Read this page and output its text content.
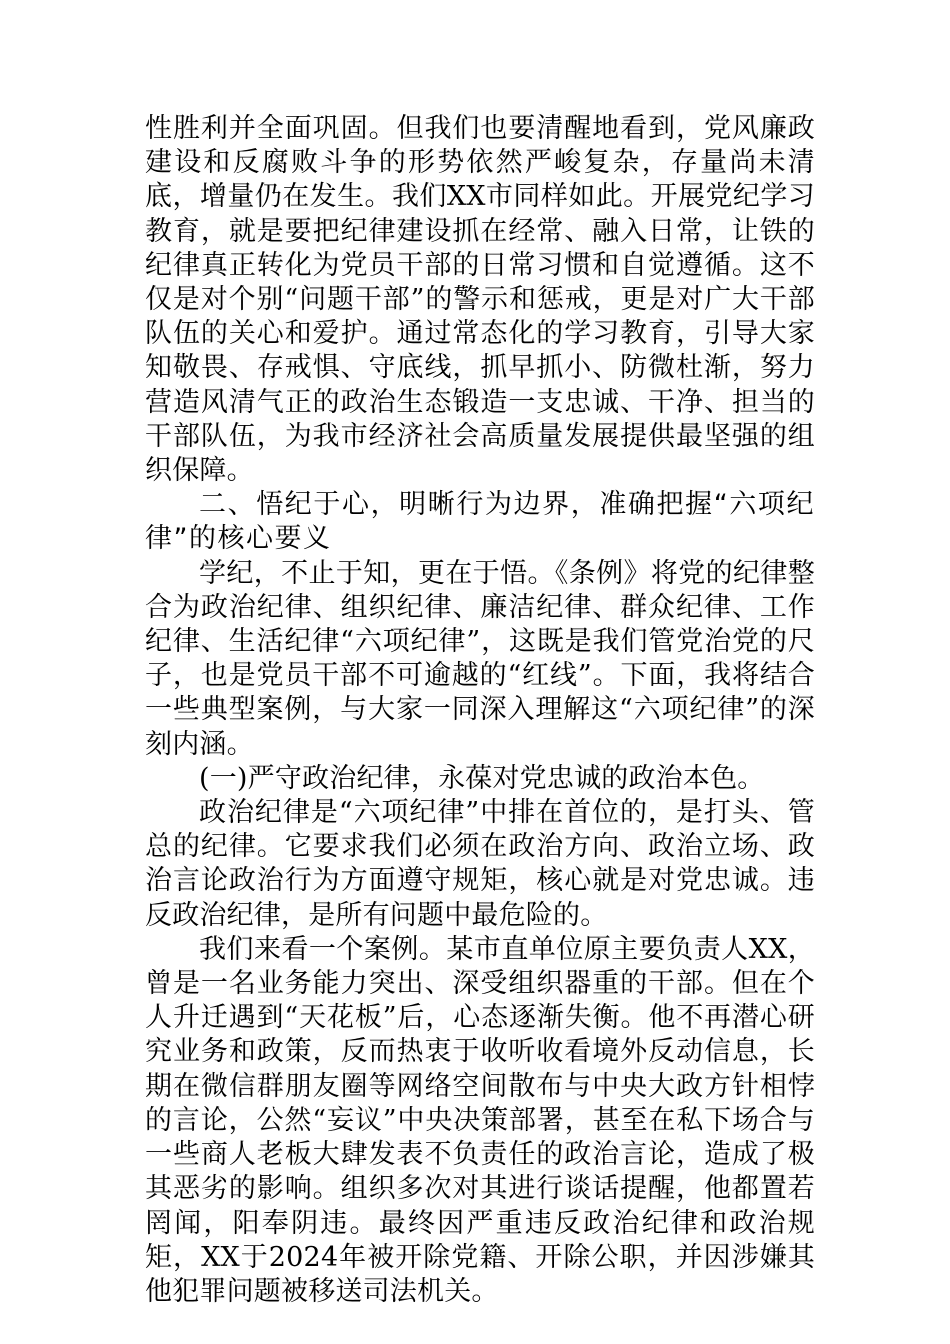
性胜利并全面巩固。但我们也要清醒地看到，党风廉政建设和反腐败斗争的形势依然严峻复杂，存量尚未清底，增量仍在发生。我们XX市同样如此。开展党纪学习教育，就是要把纪律建设抓在经常、融入日常，让铁的纪律真正转化为党员干部的日常习惯和自觉遵循。这不仅是对个别“问题干部”的警示和惩戒，更是对广大干部队伍的关心和爱护。通过常态化的学习教育，引导大家知敬畏、存戒惧、守底线，抓早抓小、防微杜渐，努力营造风清气正的政治生态锻造一支忠诚、干净、担当的干部队伍，为我市经济社会高质量发展提供最坚强的组织保障。

二、悟纪于心，明晰行为边界，准确把握“六项纪律”的核心要义

学纪，不止于知，更在于悟。《条例》将党的纪律整合为政治纪律、组织纪律、廉洁纪律、群众纪律、工作纪律、生活纪律“六项纪律”，这既是我们管党治党的尺子，也是党员干部不可逾越的“红线”。下面，我将结合一些典型案例，与大家一同深入理解这“六项纪律”的深刻内涵。

(一)严守政治纪律，永葆对党忠诚的政治本色。

政治纪律是“六项纪律”中排在首位的，是打头、管总的纪律。它要求我们必须在政治方向、政治立场、政治言论政治行为方面遵守规矩，核心就是对党忠诚。违反政治纪律，是所有问题中最危险的。

我们来看一个案例。某市直单位原主要负责人XX，曾是一名业务能力突出、深受组织器重的干部。但在个人升迁遇到“天花板”后，心态逐渐失衡。他不再潜心研究业务和政策，反而热衷于收听收看境外反动信息，长期在微信群朋友圈等网络空间散布与中央大政方针相悖的言论，公然“妄议”中央决策部署，甚至在私下场合与一些商人老板大肆发表不负责任的政治言论，造成了极其恶劣的影响。组织多次对其进行谈话提醒，他都置若罔闻，阳奉阴违。最终因严重违反政治纪律和政治规矩，XX于2024年被开除党籍、开除公职，并因涉嫌其他犯罪问题被移送司法机关。
